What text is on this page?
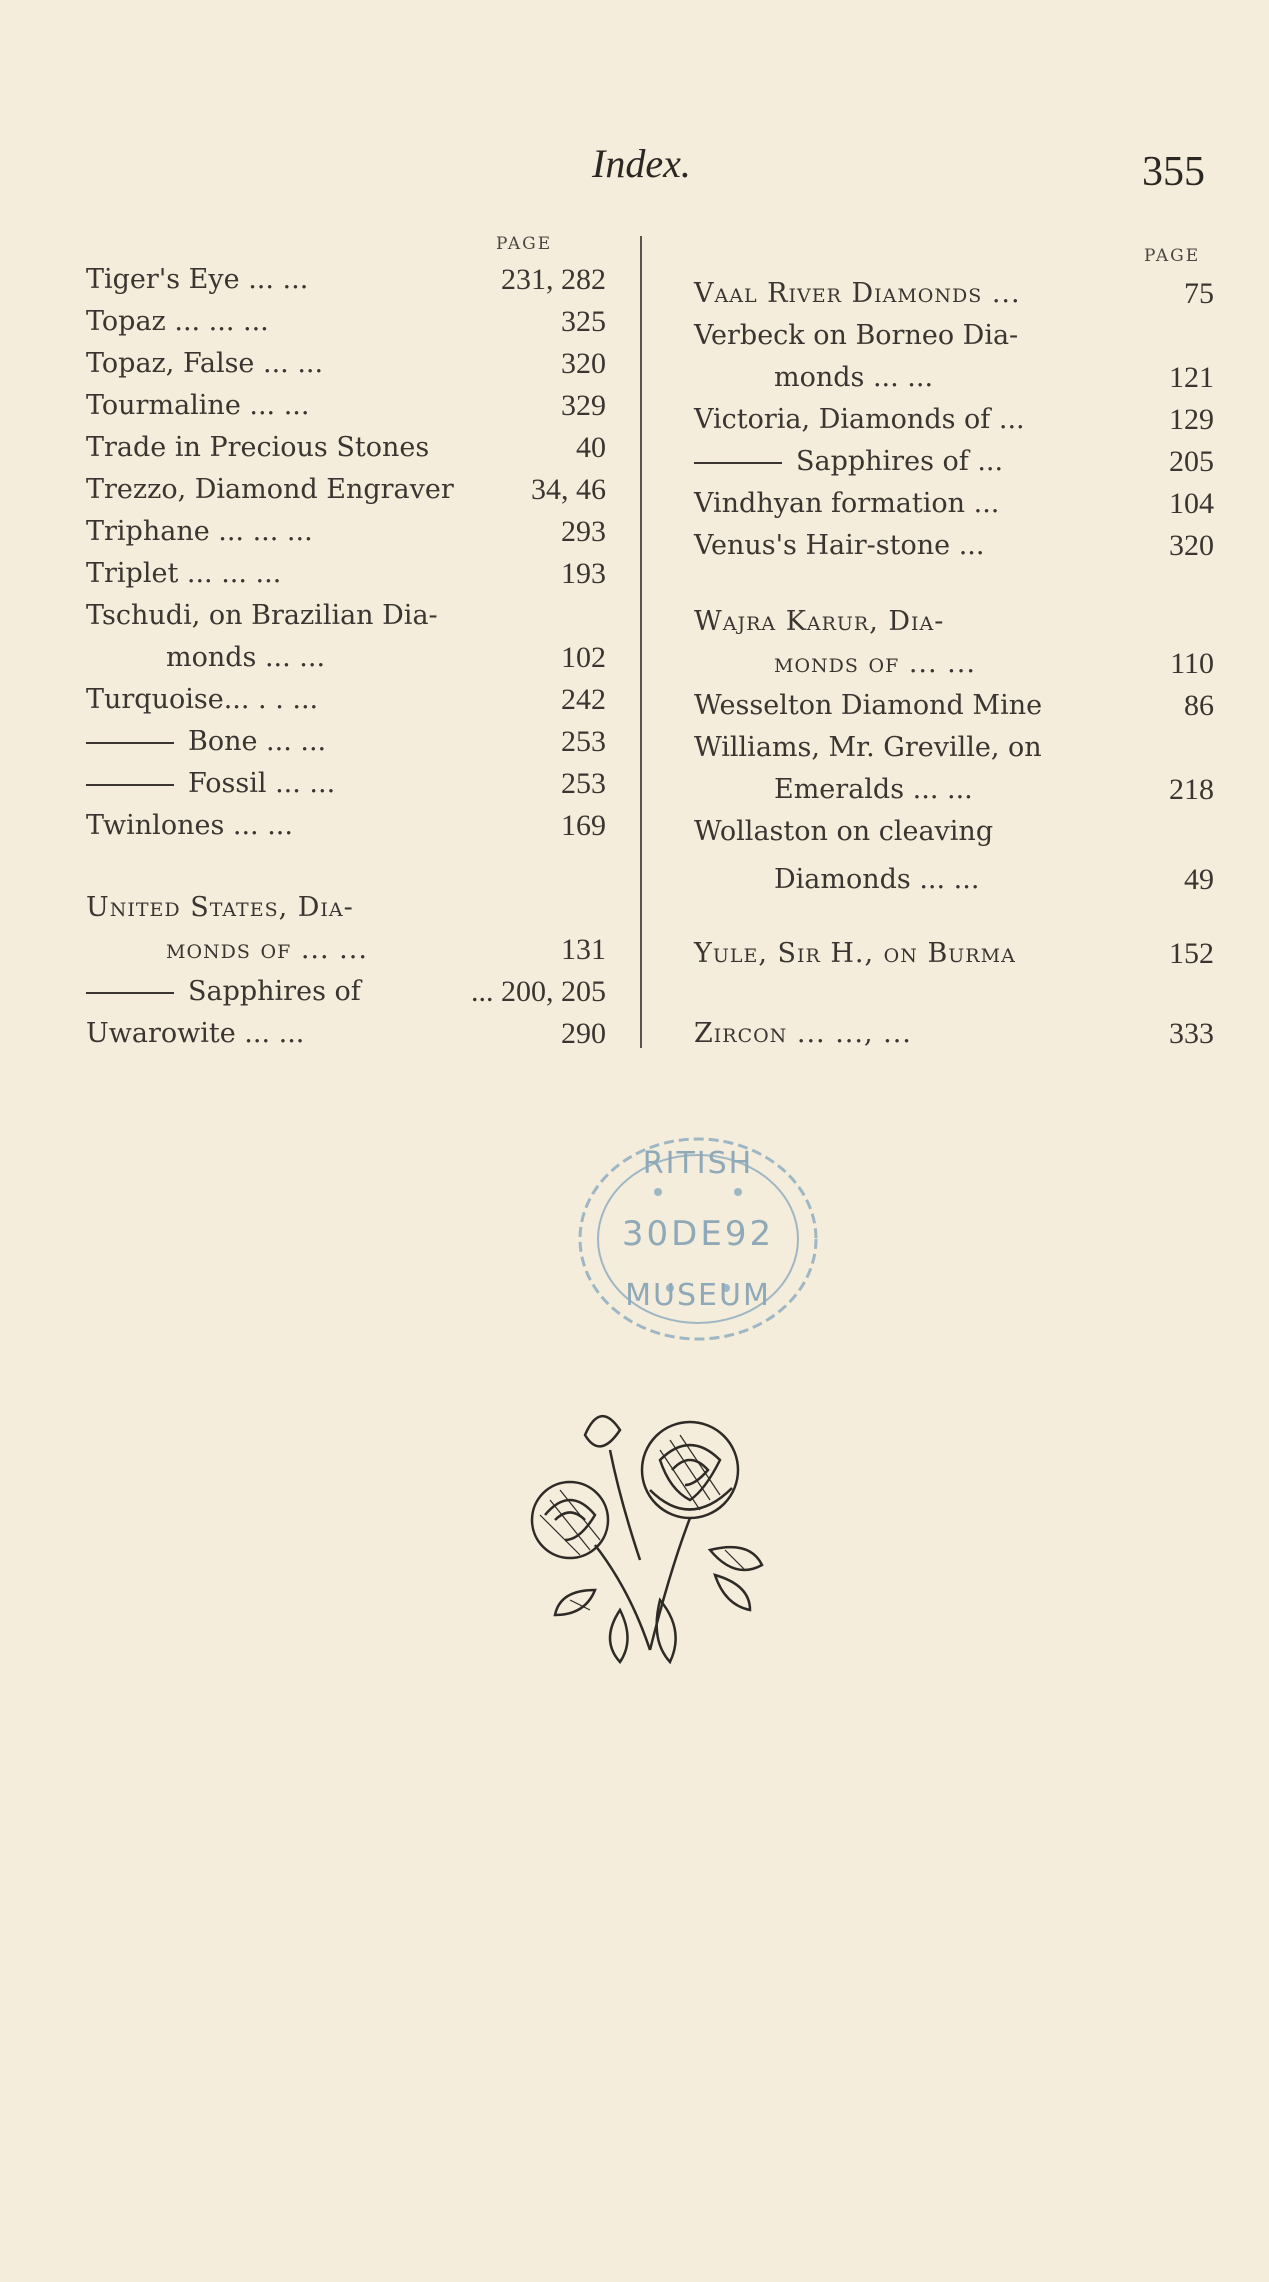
Index.	355
PAGE
Tiger's Eye ... ...	231, 282
Topaz ... ... ...	325
Topaz, False ... ...	320
Tourmaline ... ...	329
Trade in Precious Stones	40
Trezzo, Diamond Engraver	34, 46
Triphane ... ... ...	293
Triplet ... ... ...	193
Tschudi, on Brazilian Dia-
monds ... ...	102
Turquoise... . . ...	242
Bone ... ...	253
Fossil ... ...	253
Twinlones ... ...	169
United States, Dia-
monds of ... ...	131
Sapphires of	... 200, 205
Uwarowite ... ...	290
PAGE
Vaal River Diamonds ...	75
Verbeck on Borneo Dia-
monds ... ...	121
Victoria, Diamonds of ...	129
Sapphires of ...	205
Vindhyan formation ...	104
Venus's Hair-stone ...	320
Wajra Karur, Dia-
monds of ... ...	110
Wesselton Diamond Mine	86
Williams, Mr. Greville, on
Emeralds ... ...	218
Wollaston on cleaving
Diamonds ... ...	49
Yule, Sir H., on Burma	152
Zircon ... ..., ...	333
RITISH
30DE92
MUSEUM
